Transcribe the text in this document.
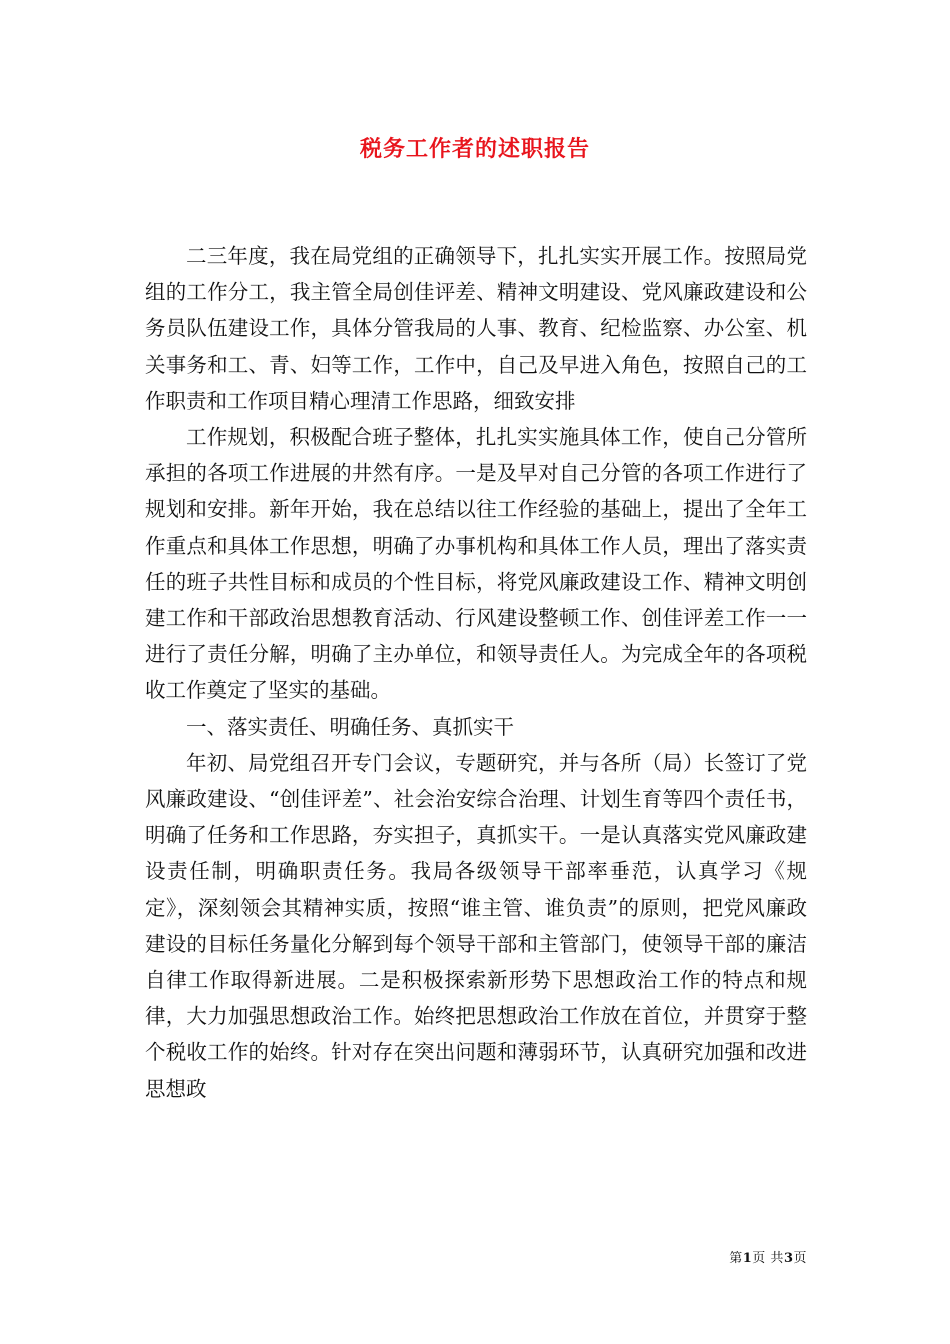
税务工作者的述职报告

二三年度，我在局党组的正确领导下，扎扎实实开展工作。按照局党组的工作分工，我主管全局创佳评差、精神文明建设、党风廉政建设和公务员队伍建设工作，具体分管我局的人事、教育、纪检监察、办公室、机关事务和工、青、妇等工作，工作中，自己及早进入角色，按照自己的工作职责和工作项目精心理清工作思路，细致安排

工作规划，积极配合班子整体，扎扎实实施具体工作，使自己分管所承担的各项工作进展的井然有序。一是及早对自己分管的各项工作进行了规划和安排。新年开始，我在总结以往工作经验的基础上，提出了全年工作重点和具体工作思想，明确了办事机构和具体工作人员，理出了落实责任的班子共性目标和成员的个性目标，将党风廉政建设工作、精神文明创建工作和干部政治思想教育活动、行风建设整顿工作、创佳评差工作一一进行了责任分解，明确了主办单位，和领导责任人。为完成全年的各项税收工作奠定了坚实的基础。

一、落实责任、明确任务、真抓实干

年初、局党组召开专门会议，专题研究，并与各所（局）长签订了党风廉政建设、“创佳评差”、社会治安综合治理、计划生育等四个责任书，明确了任务和工作思路，夯实担子，真抓实干。一是认真落实党风廉政建设责任制，明确职责任务。我局各级领导干部率垂范，认真学习《规定》，深刻领会其精神实质，按照“谁主管、谁负责”的原则，把党风廉政建设的目标任务量化分解到每个领导干部和主管部门，使领导干部的廉洁自律工作取得新进展。二是积极探索新形势下思想政治工作的特点和规律，大力加强思想政治工作。始终把思想政治工作放在首位，并贯穿于整个税收工作的始终。针对存在突出问题和薄弱环节，认真研究加强和改进思想政

第1页 共3页
